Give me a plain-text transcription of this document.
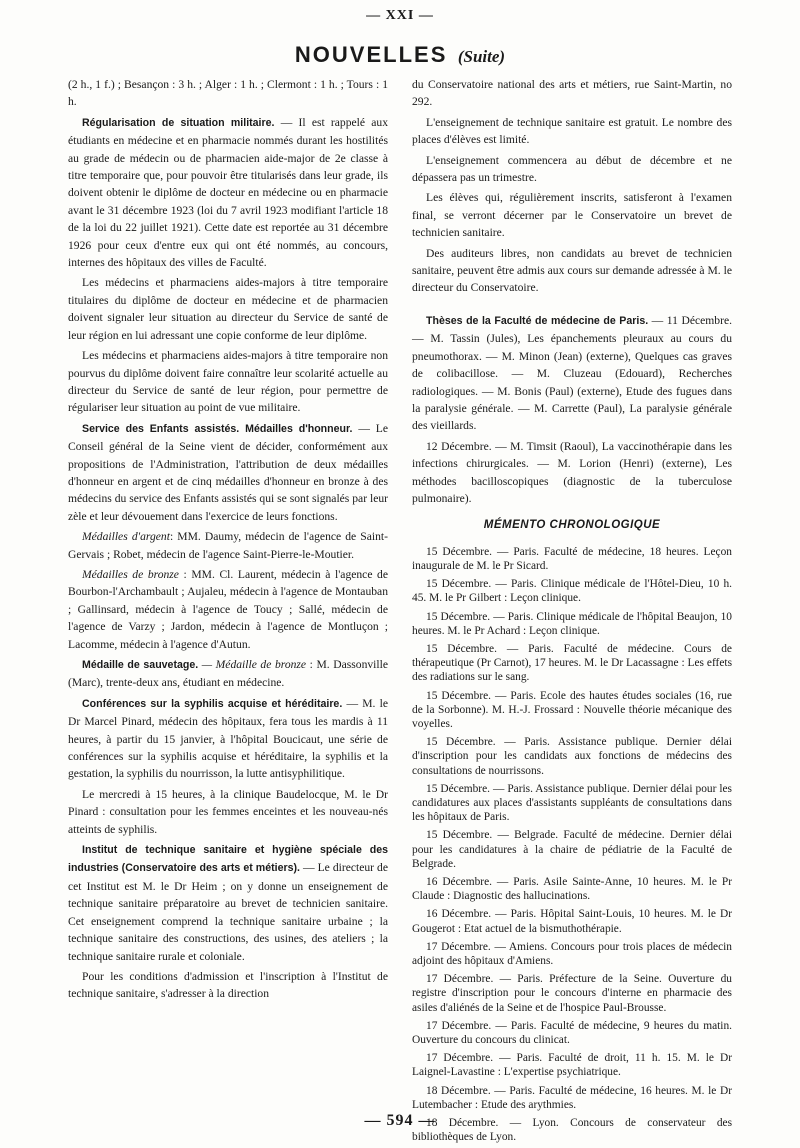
— XXI —
NOUVELLES (Suite)

(2 h., 1 f.) ; Besançon : 3 h. ; Alger : 1 h. ; Clermont : 1 h. ; Tours : 1 h.

Régularisation de situation militaire. — Il est rappelé aux étudiants en médecine et en pharmacie nommés durant les hostilités au grade de médecin ou de pharmacien aide-major de 2e classe à titre temporaire que, pour pouvoir être titularisés dans leur grade, ils doivent obtenir le diplôme de docteur en médecine ou en pharmacie avant le 31 décembre 1923 (loi du 7 avril 1923 modifiant l'article 18 de la loi du 22 juillet 1921). Cette date est reportée au 31 décembre 1926 pour ceux d'entre eux qui ont été nommés, au concours, internes des hôpitaux des villes de Faculté.

Les médecins et pharmaciens aides-majors à titre temporaire titulaires du diplôme de docteur en médecine et de pharmacien doivent signaler leur situation au directeur du Service de santé de leur région en lui adressant une copie conforme de leur diplôme.

Les médecins et pharmaciens aides-majors à titre temporaire non pourvus du diplôme doivent faire connaître leur scolarité actuelle au directeur du Service de santé de leur région, pour permettre de régulariser leur situation au point de vue militaire.

Service des Enfants assistés. Médailles d'honneur. — Le Conseil général de la Seine vient de décider, conformément aux propositions de l'Administration, l'attribution de deux médailles d'honneur en argent et de cinq médailles d'honneur en bronze à des médecins du service des Enfants assistés qui se sont signalés par leur zèle et leur dévouement dans l'exercice de leurs fonctions.

Médailles d'argent: MM. Daumy, médecin de l'agence de Saint-Gervais ; Robet, médecin de l'agence Saint-Pierre-le-Moutier.

Médailles de bronze : MM. Cl. Laurent, médecin à l'agence de Bourbon-l'Archambault ; Aujaleu, médecin à l'agence de Montauban ; Gallinsard, médecin à l'agence de Toucy ; Sallé, médecin de l'agence de Varzy ; Jardon, médecin à l'agence de Montluçon ; Lacomme, médecin à l'agence d'Autun.

Médaille de sauvetage. — Médaille de bronze : M. Dassonville (Marc), trente-deux ans, étudiant en médecine.

Conférences sur la syphilis acquise et héréditaire. — M. le Dr Marcel Pinard, médecin des hôpitaux, fera tous les mardis à 11 heures, à partir du 15 janvier, à l'hôpital Boucicaut, une série de conférences sur la syphilis acquise et héréditaire, la syphilis et la gestation, la syphilis du nourrisson, la lutte antisyphilitique.

Le mercredi à 15 heures, à la clinique Baudelocque, M. le Dr Pinard : consultation pour les femmes enceintes et les nouveau-nés atteints de syphilis.

Institut de technique sanitaire et hygiène spéciale des industries (Conservatoire des arts et métiers). — Le directeur de cet Institut est M. le Dr Heim ; on y donne un enseignement de technique sanitaire préparatoire au brevet de technicien sanitaire. Cet enseignement comprend la technique sanitaire urbaine ; la technique sanitaire des constructions, des usines, des ateliers ; la technique sanitaire rurale et coloniale.

Pour les conditions d'admission et l'inscription à l'Institut de technique sanitaire, s'adresser à la direction

du Conservatoire national des arts et métiers, rue Saint-Martin, no 292.

L'enseignement de technique sanitaire est gratuit. Le nombre des places d'élèves est limité.

L'enseignement commencera au début de décembre et ne dépassera pas un trimestre.

Les élèves qui, régulièrement inscrits, satisferont à l'examen final, se verront décerner par le Conservatoire un brevet de technicien sanitaire.

Des auditeurs libres, non candidats au brevet de technicien sanitaire, peuvent être admis aux cours sur demande adressée à M. le directeur du Conservatoire.

Thèses de la Faculté de médecine de Paris. — 11 Décembre. — M. Tassin (Jules), Les épanchements pleuraux au cours du pneumothorax. — M. Minon (Jean) (externe), Quelques cas graves de colibacillose. — M. Cluzeau (Edouard), Recherches radiologiques. — M. Bonis (Paul) (externe), Etude des fugues dans la paralysie générale. — M. Carrette (Paul), La paralysie générale des vieillards.

12 Décembre. — M. Timsit (Raoul), La vaccinothérapie dans les infections chirurgicales. — M. Lorion (Henri) (externe), Les méthodes bacilloscopiques (diagnostic de la tuberculose pulmonaire).

MÉMENTO CHRONOLOGIQUE

15 Décembre. — Paris. Faculté de médecine, 18 heures. Leçon inaugurale de M. le Pr Sicard.

15 Décembre. — Paris. Clinique médicale de l'Hôtel-Dieu, 10 h. 45. M. le Pr Gilbert : Leçon clinique.

15 Décembre. — Paris. Clinique médicale de l'hôpital Beaujon, 10 heures. M. le Pr Achard : Leçon clinique.

15 Décembre. — Paris. Faculté de médecine. Cours de thérapeutique (Pr Carnot), 17 heures. M. le Dr Lacassagne : Les effets des radiations sur le sang.

15 Décembre. — Paris. Ecole des hautes études sociales (16, rue de la Sorbonne). M. H.-J. Frossard : Nouvelle théorie mécanique des voyelles.

15 Décembre. — Paris. Assistance publique. Dernier délai d'inscription pour les candidats aux fonctions de médecins des consultations de nourrissons.

15 Décembre. — Paris. Assistance publique. Dernier délai pour les candidatures aux places d'assistants suppléants de consultations dans les hôpitaux de Paris.

15 Décembre. — Belgrade. Faculté de médecine. Dernier délai pour les candidatures à la chaire de pédiatrie de la Faculté de Belgrade.

16 Décembre. — Paris. Asile Sainte-Anne, 10 heures. M. le Pr Claude : Diagnostic des hallucinations.

16 Décembre. — Paris. Hôpital Saint-Louis, 10 heures. M. le Dr Gougerot : Etat actuel de la bismuthothérapie.

17 Décembre. — Amiens. Concours pour trois places de médecin adjoint des hôpitaux d'Amiens.

17 Décembre. — Paris. Préfecture de la Seine. Ouverture du registre d'inscription pour le concours d'interne en pharmacie des asiles d'aliénés de la Seine et de l'hospice Paul-Brousse.

17 Décembre. — Paris. Faculté de médecine, 9 heures du matin. Ouverture du concours du clinicat.

17 Décembre. — Paris. Faculté de droit, 11 h. 15. M. le Dr Laignel-Lavastine : L'expertise psychiatrique.

18 Décembre. — Paris. Faculté de médecine, 16 heures. M. le Dr Lutembacher : Etude des arythmies.

18 Décembre. — Lyon. Concours de conservateur des bibliothèques de Lyon.

— 594 —
